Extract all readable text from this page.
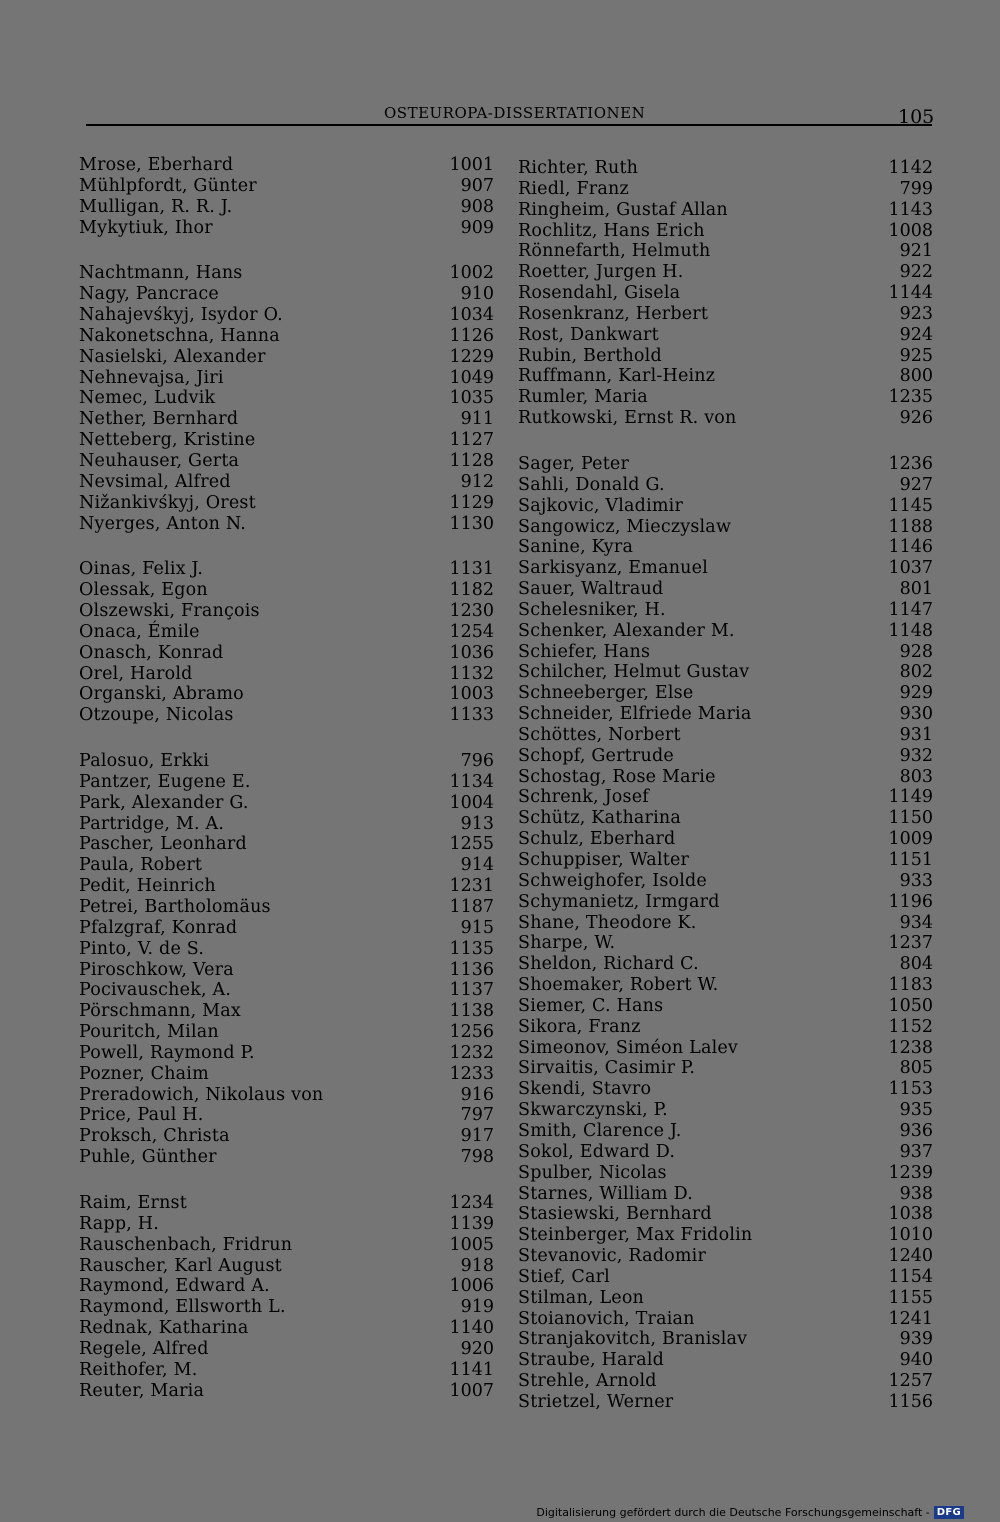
OSTEUROPA-DISSERTATIONEN	105
Mrose, Eberhard	1001
Mühlpfordt, Günter	907
Mulligan, R. R. J.	908
Mykytiuk, Ihor	909
Nachtmann, Hans	1002
Nagy, Pancrace	910
Nahajevśkyj, Isydor O.	1034
Nakonetschna, Hanna	1126
Nasielski, Alexander	1229
Nehnevajsa, Jiri	1049
Nemec, Ludvik	1035
Nether, Bernhard	911
Netteberg, Kristine	1127
Neuhauser, Gerta	1128
Nevsimal, Alfred	912
Nižankivśkyj, Orest	1129
Nyerges, Anton N.	1130
Oinas, Felix J.	1131
Olessak, Egon	1182
Olszewski, François	1230
Onaca, Émile	1254
Onasch, Konrad	1036
Orel, Harold	1132
Organski, Abramo	1003
Otzoupe, Nicolas	1133
Palosuo, Erkki	796
Pantzer, Eugene E.	1134
Park, Alexander G.	1004
Partridge, M. A.	913
Pascher, Leonhard	1255
Paula, Robert	914
Pedit, Heinrich	1231
Petrei, Bartholomäus	1187
Pfalzgraf, Konrad	915
Pinto, V. de S.	1135
Piroschkow, Vera	1136
Pocivauschek, A.	1137
Pörschmann, Max	1138
Pouritch, Milan	1256
Powell, Raymond P.	1232
Pozner, Chaim	1233
Preradowich, Nikolaus von	916
Price, Paul H.	797
Proksch, Christa	917
Puhle, Günther	798
Raim, Ernst	1234
Rapp, H.	1139
Rauschenbach, Fridrun	1005
Rauscher, Karl August	918
Raymond, Edward A.	1006
Raymond, Ellsworth L.	919
Rednak, Katharina	1140
Regele, Alfred	920
Reithofer, M.	1141
Reuter, Maria	1007
Richter, Ruth	1142
Riedl, Franz	799
Ringheim, Gustaf Allan	1143
Rochlitz, Hans Erich	1008
Rönnefarth, Helmuth	921
Roetter, Jurgen H.	922
Rosendahl, Gisela	1144
Rosenkranz, Herbert	923
Rost, Dankwart	924
Rubin, Berthold	925
Ruffmann, Karl-Heinz	800
Rumler, Maria	1235
Rutkowski, Ernst R. von	926
Sager, Peter	1236
Sahli, Donald G.	927
Sajkovic, Vladimir	1145
Sangowicz, Mieczyslaw	1188
Sanine, Kyra	1146
Sarkisyanz, Emanuel	1037
Sauer, Waltraud	801
Schelesniker, H.	1147
Schenker, Alexander M.	1148
Schiefer, Hans	928
Schilcher, Helmut Gustav	802
Schneeberger, Else	929
Schneider, Elfriede Maria	930
Schöttes, Norbert	931
Schopf, Gertrude	932
Schostag, Rose Marie	803
Schrenk, Josef	1149
Schütz, Katharina	1150
Schulz, Eberhard	1009
Schuppiser, Walter	1151
Schweighofer, Isolde	933
Schymanietz, Irmgard	1196
Shane, Theodore K.	934
Sharpe, W.	1237
Sheldon, Richard C.	804
Shoemaker, Robert W.	1183
Siemer, C. Hans	1050
Sikora, Franz	1152
Simeonov, Siméon Lalev	1238
Sirvaitis, Casimir P.	805
Skendi, Stavro	1153
Skwarczynski, P.	935
Smith, Clarence J.	936
Sokol, Edward D.	937
Spulber, Nicolas	1239
Starnes, William D.	938
Stasiewski, Bernhard	1038
Steinberger, Max Fridolin	1010
Stevanovic, Radomir	1240
Stief, Carl	1154
Stilman, Leon	1155
Stoianovich, Traian	1241
Stranjakovitch, Branislav	939
Straube, Harald	940
Strehle, Arnold	1257
Strietzel, Werner	1156
Digitalisierung gefördert durch die Deutsche Forschungsgemeinschaft - DFG
